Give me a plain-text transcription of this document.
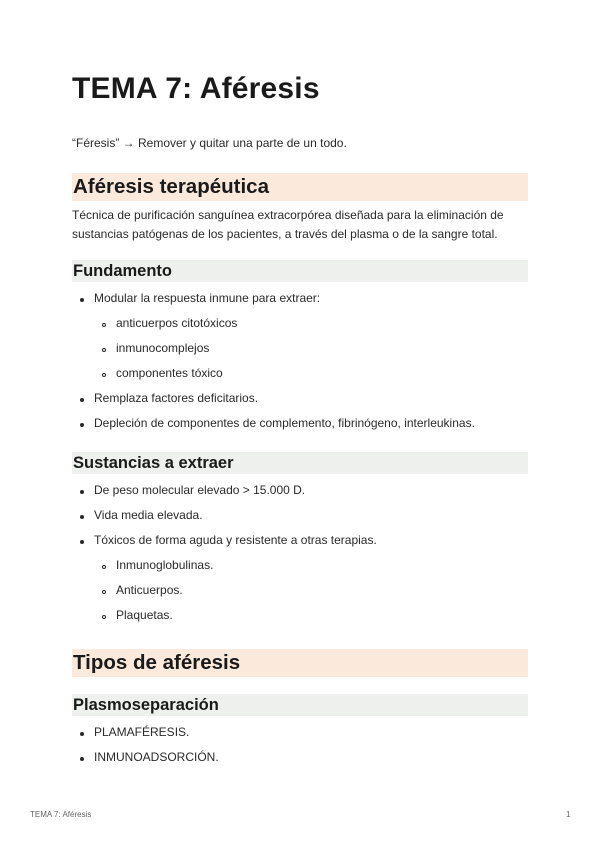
TEMA 7: Aféresis
“Féresis” → Remover y quitar una parte de un todo.
Aféresis terapéutica
Técnica de purificación sanguínea extracorpórea diseñada para la eliminación de
sustancias patógenas de los pacientes, a través del plasma o de la sangre total.
Fundamento
Modular la respuesta inmune para extraer:
anticuerpos citotóxicos
inmunocomplejos
componentes tóxico
Remplaza factores deficitarios.
Depleción de componentes de complemento, fibrinógeno, interleukinas.
Sustancias a extraer
De peso molecular elevado > 15.000 D.
Vida media elevada.
Tóxicos de forma aguda y resistente a otras terapias.
Inmunoglobulinas.
Anticuerpos.
Plaquetas.
Tipos de aféresis
Plasmoseparación
PLAMAFÉRESIS.
INMUNOADSORCIÓN.
TEMA 7: Aféresis	1
